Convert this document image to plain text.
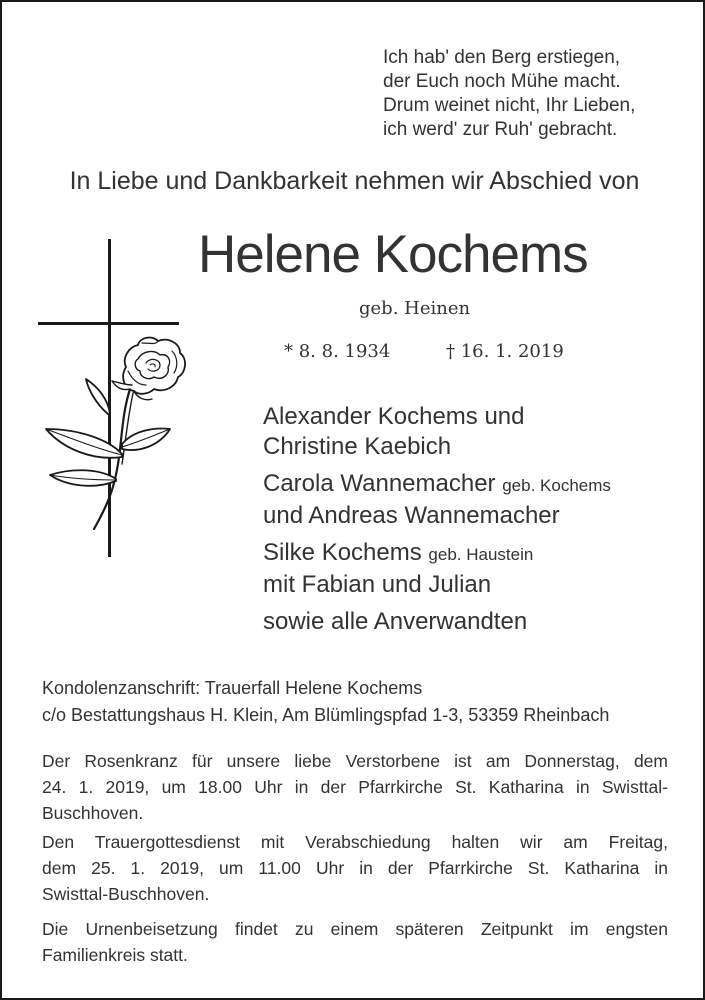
Ich hab' den Berg erstiegen,
der Euch noch Mühe macht.
Drum weinet nicht, Ihr Lieben,
ich werd' zur Ruh' gebracht.
In Liebe und Dankbarkeit nehmen wir Abschied von
Helene Kochems
geb. Heinen
* 8. 8. 1934	† 16. 1. 2019
Alexander Kochems und
Christine Kaebich
Carola Wannemacher geb. Kochems
und Andreas Wannemacher
Silke Kochems geb. Haustein
mit Fabian und Julian
sowie alle Anverwandten
Kondolenzanschrift: Trauerfall Helene Kochems
c/o Bestattungshaus H. Klein, Am Blümlingspfad 1-3, 53359 Rheinbach
Der Rosenkranz für unsere liebe Verstorbene ist am Donnerstag, dem
24. 1. 2019, um 18.00 Uhr in der Pfarrkirche St. Katharina in Swisttal-
Buschhoven.
Den Trauergottesdienst mit Verabschiedung halten wir am Freitag,
dem 25. 1. 2019, um 11.00 Uhr in der Pfarrkirche St. Katharina in
Swisttal-Buschhoven.
Die Urnenbeisetzung findet zu einem späteren Zeitpunkt im engsten
Familienkreis statt.
